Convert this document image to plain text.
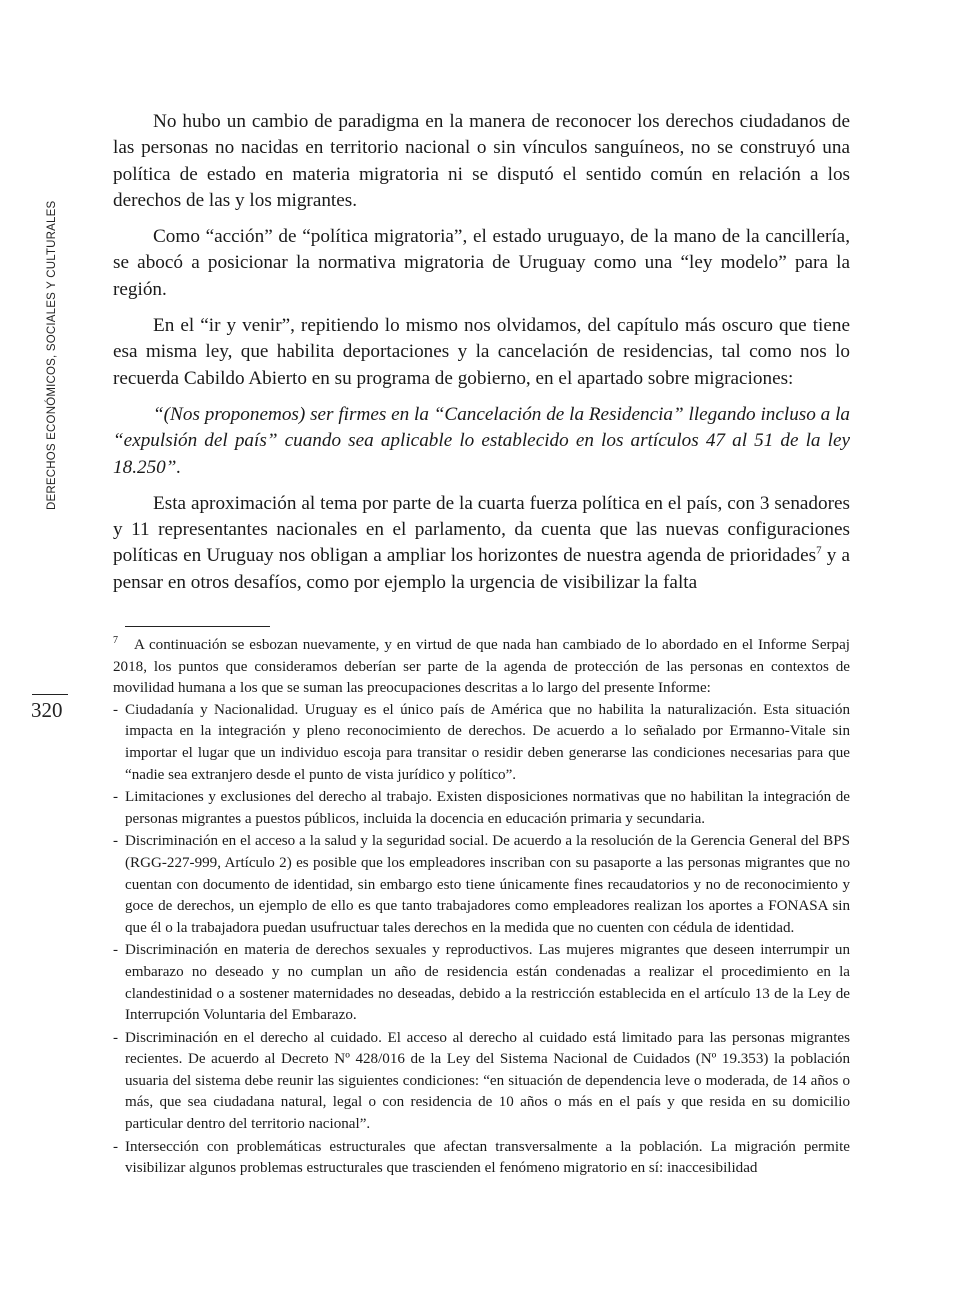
DERECHOS ECONÓMICOS, SOCIALES Y CULTURALES
320

No hubo un cambio de paradigma en la manera de reconocer los derechos ciudadanos de las personas no nacidas en territorio nacional o sin vínculos sanguíneos, no se construyó una política de estado en materia migratoria ni se disputó el sentido común en relación a los derechos de las y los migrantes.

Como “acción” de “política migratoria”, el estado uruguayo, de la mano de la cancillería, se abocó a posicionar la normativa migratoria de Uruguay como una “ley modelo” para la región.

En el “ir y venir”, repitiendo lo mismo nos olvidamos, del capítulo más oscuro que tiene esa misma ley, que habilita deportaciones y la cancelación de residencias, tal como nos lo recuerda Cabildo Abierto en su programa de gobierno, en el apartado sobre migraciones:

“(Nos proponemos) ser firmes en la “Cancelación de la Residencia” llegando incluso a la “expulsión del país” cuando sea aplicable lo establecido en los artículos 47 al 51 de la ley 18.250”.

Esta aproximación al tema por parte de la cuarta fuerza política en el país, con 3 senadores y 11 representantes nacionales en el parlamento, da cuenta que las nuevas configuraciones políticas en Uruguay nos obligan a ampliar los horizontes de nuestra agenda de prioridades$^7$ y a pensar en otros desafíos, como por ejemplo la urgencia de visibilizar la falta

$^7$ A continuación se esbozan nuevamente, y en virtud de que nada han cambiado de lo abordado en el Informe Serpaj 2018, los puntos que consideramos deberían ser parte de la agenda de protección de las personas en contextos de movilidad humana a los que se suman las preocupaciones descritas a lo largo del presente Informe:

- Ciudadanía y Nacionalidad. Uruguay es el único país de América que no habilita la naturalización. Esta situación impacta en la integración y pleno reconocimiento de derechos. De acuerdo a lo señalado por Ermanno-Vitale sin importar el lugar que un individuo escoja para transitar o residir deben generarse las condiciones necesarias para que “nadie sea extranjero desde el punto de vista jurídico y político”.
- Limitaciones y exclusiones del derecho al trabajo. Existen disposiciones normativas que no habilitan la integración de personas migrantes a puestos públicos, incluida la docencia en educación primaria y secundaria.
- Discriminación en el acceso a la salud y la seguridad social. De acuerdo a la resolución de la Gerencia General del BPS (RGG-227-999, Artículo 2) es posible que los empleadores inscriban con su pasaporte a las personas migrantes que no cuentan con documento de identidad, sin embargo esto tiene únicamente fines recaudatorios y no de reconocimiento y goce de derechos, un ejemplo de ello es que tanto trabajadores como empleadores realizan los aportes a FONASA sin que él o la trabajadora puedan usufructuar tales derechos en la medida que no cuenten con cédula de identidad.
- Discriminación en materia de derechos sexuales y reproductivos. Las mujeres migrantes que deseen interrumpir un embarazo no deseado y no cumplan un año de residencia están condenadas a realizar el procedimiento en la clandestinidad o a sostener maternidades no deseadas, debido a la restricción establecida en el artículo 13 de la Ley de Interrupción Voluntaria del Embarazo.
- Discriminación en el derecho al cuidado. El acceso al derecho al cuidado está limitado para las personas migrantes recientes. De acuerdo al Decreto Nº 428/016 de la Ley del Sistema Nacional de Cuidados (Nº 19.353) la población usuaria del sistema debe reunir las siguientes condiciones: “en situación de dependencia leve o moderada, de 14 años o más, que sea ciudadana natural, legal o con residencia de 10 años o más en el país y que resida en su domicilio particular dentro del territorio nacional”.
- Intersección con problemáticas estructurales que afectan transversalmente a la población. La migración permite visibilizar algunos problemas estructurales que trascienden el fenómeno migratorio en sí: inaccesibilidad
